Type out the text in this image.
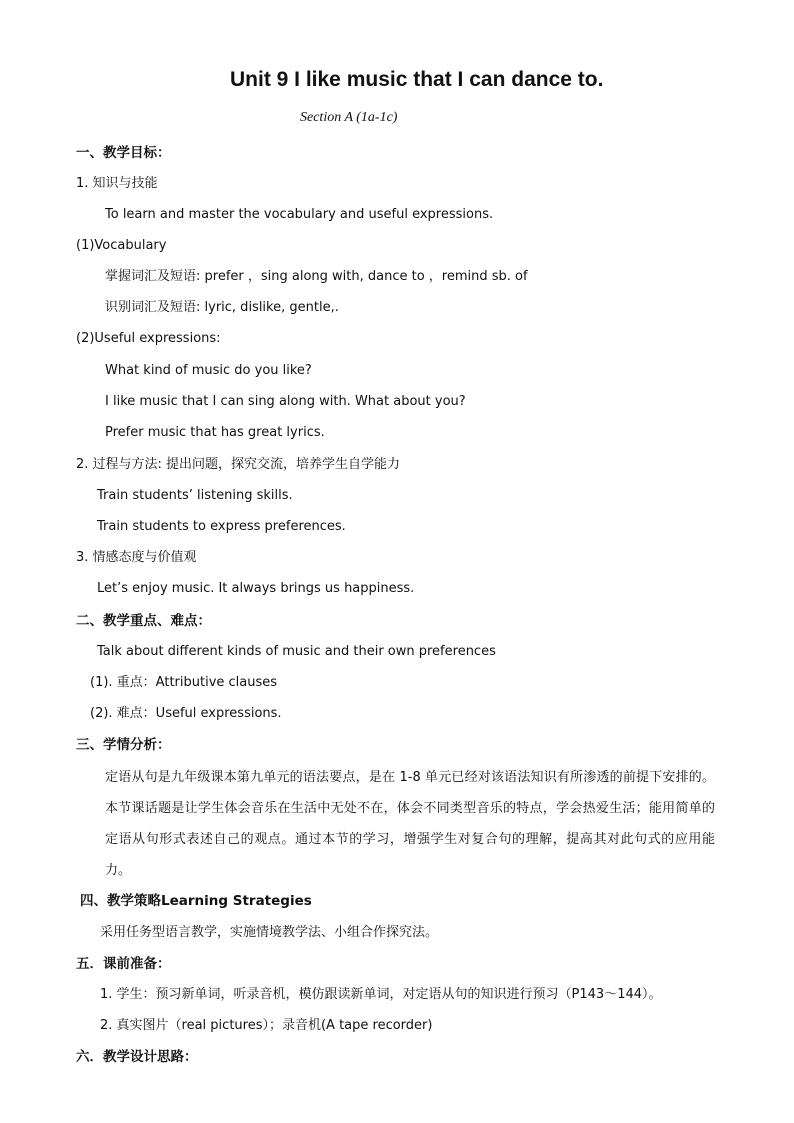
Unit 9 I like music that I can dance to.
Section A (1a-1c)
一、教学目标：
1. 知识与技能
To learn and master the vocabulary and useful expressions.
(1)Vocabulary
掌握词汇及短语: prefer ，sing along with, dance to ，remind sb. of
识别词汇及短语: lyric, dislike, gentle,.
(2)Useful expressions:
What kind of music do you like?
I like music that I can sing along with. What about you?
Prefer music that has great lyrics.
2. 过程与方法: 提出问题，探究交流，培养学生自学能力
Train students’ listening skills.
Train students to express preferences.
3. 情感态度与价值观
Let’s enjoy music. It always brings us happiness.
二、教学重点、难点：
Talk about different kinds of music and their own preferences
(1). 重点：Attributive clauses
(2). 难点：Useful expressions.
三、学情分析：
定语从句是九年级课本第九单元的语法要点，是在 1-8 单元已经对该语法知识有所渗透的前提下安排的。本节课话题是让学生体会音乐在生活中无处不在，体会不同类型音乐的特点，学会热爱生活；能用简单的定语从句形式表述自己的观点。通过本节的学习，增强学生对复合句的理解，提高其对此句式的应用能力。
四、教学策略Learning Strategies
采用任务型语言教学，实施情境教学法、小组合作探究法。
五．课前准备：
1. 学生：预习新单词，听录音机，模仿跟读新单词，对定语从句的知识进行预习（P143～144）。
2. 真实图片（real pictures）；录音机(A tape recorder)
六．教学设计思路：
